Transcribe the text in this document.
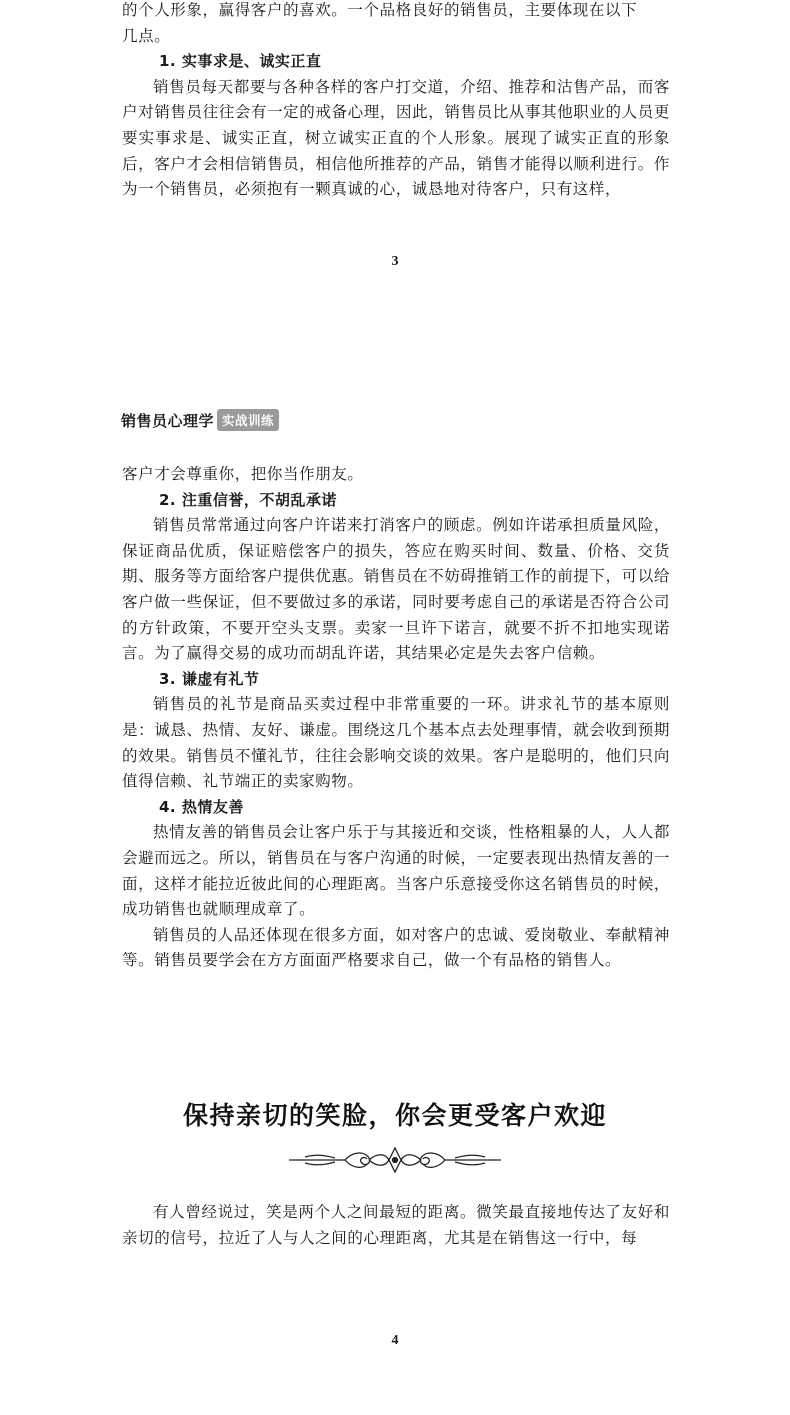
的个人形象，赢得客户的喜欢。一个品格良好的销售员，主要体现在以下

几点。

1. 实事求是、诚实正直

销售员每天都要与各种各样的客户打交道，介绍、推荐和沽售产品，而客户对销售员往往会有一定的戒备心理，因此，销售员比从事其他职业的人员更要实事求是、诚实正直，树立诚实正直的个人形象。展现了诚实正直的形象后，客户才会相信销售员，相信他所推荐的产品，销售才能得以顺利进行。作为一个销售员，必须抱有一颗真诚的心，诚恳地对待客户，只有这样，

3
销售员心理学 实战训练

客户才会尊重你，把你当作朋友。

2. 注重信誉，不胡乱承诺

销售员常常通过向客户许诺来打消客户的顾虑。例如许诺承担质量风险，保证商品优质，保证赔偿客户的损失，答应在购买时间、数量、价格、交货期、服务等方面给客户提供优惠。销售员在不妨碍推销工作的前提下，可以给客户做一些保证，但不要做过多的承诺，同时要考虑自己的承诺是否符合公司的方针政策，不要开空头支票。卖家一旦许下诺言，就要不折不扣地实现诺言。为了赢得交易的成功而胡乱许诺，其结果必定是失去客户信赖。

3. 谦虚有礼节

销售员的礼节是商品买卖过程中非常重要的一环。讲求礼节的基本原则是：诚恳、热情、友好、谦虚。围绕这几个基本点去处理事情，就会收到预期的效果。销售员不懂礼节，往往会影响交谈的效果。客户是聪明的，他们只向值得信赖、礼节端正的卖家购物。

4. 热情友善

热情友善的销售员会让客户乐于与其接近和交谈，性格粗暴的人，人人都会避而远之。所以，销售员在与客户沟通的时候，一定要表现出热情友善的一面，这样才能拉近彼此间的心理距离。当客户乐意接受你这名销售员的时候，成功销售也就顺理成章了。

销售员的人品还体现在很多方面，如对客户的忠诚、爱岗敬业、奉献精神等。销售员要学会在方方面面严格要求自己，做一个有品格的销售人。

保持亲切的笑脸，你会更受客户欢迎

有人曾经说过，笑是两个人之间最短的距离。微笑最直接地传达了友好和亲切的信号，拉近了人与人之间的心理距离，尤其是在销售这一行中，每

4
